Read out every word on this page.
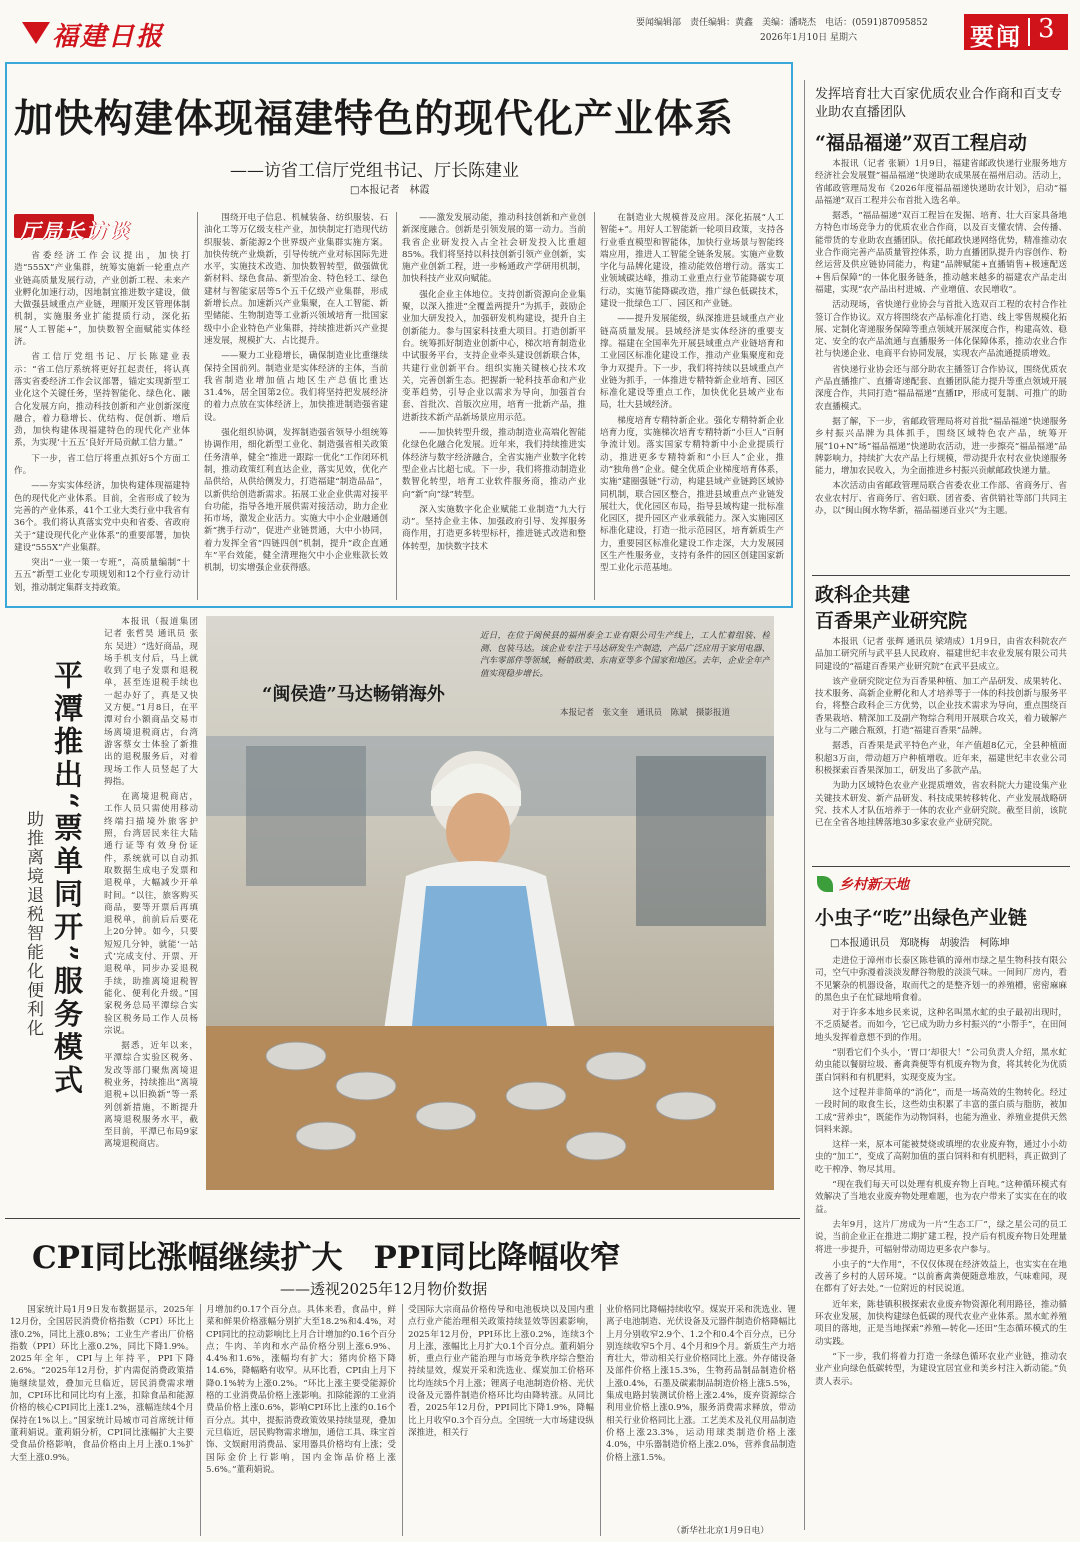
福建日报	要闻编辑部　责任编辑：黄鑫　美编：潘晓杰　电话：(0591)87095852
2026年1月10日 星期六	要闻 3
加快构建体现福建特色的现代化产业体系
——访省工信厅党组书记、厅长陈建业
□本报记者　林霞
厅局长访谈

省委经济工作会议提出，加快打造“555X”产业集群，统筹实施新一轮重点产业链高质量发展行动，产业创新工程、未来产业孵化加速行动，因地制宜推进数字建设，做大做强县域重点产业链，理顺开发区管理体制机制，实施服务业扩能提质行动，深化拓展“人工智能+”，加快数智全面赋能实体经济。

省工信厅党组书记、厅长陈建业表示：“省工信厅系统将更好扛起责任，将认真落实省委经济工作会议部署，锚定实现新型工业化这个关键任务，坚持智能化、绿色化、融合化发展方向，推动科技创新和产业创新深度融合，着力稳增长、优结构、促创新、增后劲，加快构建体现福建特色的现代化产业体系，为实现‘十五五’良好开局贡献工信力量。”

下一步，省工信厅将重点抓好5个方面工作。

——夯实实体经济，加快构建体现福建特色的现代化产业体系。目前，全省形成了较为完善的产业体系，41个工业大类行业中我省有36个。我们将认真落实党中央和省委、省政府关于“建设现代化产业体系”的重要部署，加快建设“555X”产业集群。

突出“一业一策一专班”，高质量编制“十五五”新型工业化专项规划和12个行业行动计划，推动制定集群支持政策。

围绕开电子信息、机械装备、纺织服装、石油化工等万亿级支柱产业，加快制定打造现代纺织服装、新能源2个世界级产业集群实施方案。加快传统产业焕新，引导传统产业对标国际先进水平，实施技术改造、加快数智转型，做强做优新材料、绿色食品、新型冶金、特色轻工、绿色建材与智能家居等5个五千亿级产业集群，形成新增长点。加速新兴产业集聚，在人工智能、新型储能、生物制造等工业新兴领域培育一批国家级中小企业特色产业集群，持续推进新兴产业提速发展，规模扩大、占比提升。

——聚力工业稳增长，确保制造业比重继续保持全国前列。制造业是实体经济的主体，当前我省制造业增加值占地区生产总值比重达31.4%，居全国第2位。我们将坚持把发展经济的着力点放在实体经济上，加快推进制造强省建设。

强化组织协调，发挥制造强省领导小组统筹协调作用，细化新型工业化、制造强省相关政策任务清单，健全“推进一跟踪一优化”工作闭环机制，推动政策红利直达企业，落实见效，优化产品供给，从供给侧发力，打造福建“制造品品”，以新供给创造新需求。拓展工业企业供需对接平台功能，指导各地开展供需对接活动，助力企业拓市场，激发企业活力。实施大中小企业融通创新“携手行动”，促进产业链贯通，大中小协同，着力发挥全省“四链四创”机制，提升“政企直通车”平台效能，健全清理拖欠中小企业账款长效机制，切实增强企业获得感。

——激发发展动能，推动科技创新和产业创新深度融合。创新是引领发展的第一动力。当前我省企业研发投入占全社会研发投入比重超85%。我们将坚持以科技创新引领产业创新，实施产业创新工程，进一步畅通政产学研用机制，加快科技产业双向赋能。

强化企业主体地位。支持创新资源向企业集聚，以深入推进“全覆盖两提升”为抓手，鼓励企业加大研发投入，加强研发机构建设，提升自主创新能力。参与国家科技重大项目。打造创新平台。统筹抓好制造业创新中心，梯次培育制造业中试服务平台，支持企业牵头建设创新联合体，共建行业创新平台。组织实施关键核心技术攻关，完善创新生态。把握新一轮科技革命和产业变革趋势，引导企业以需求为导向，加强首台套、首批次、首版次应用，培育一批新产品，推进新技术新产品新场景应用示范。

——加快转型升级，推动制造业高端化智能化绿色化融合化发展。近年来，我们持续推进实体经济与数字经济融合，全省实施产业数字化转型企业占比超七成。下一步，我们将推动制造业数智化转型，培育工业软件服务商，推动产业向“新”向“绿”转型。

深入实施数字化企业赋能工业制造“九大行动”。坚持企业主体、加强政府引导、发挥服务商作用，打造更多转型标杆，推进链式改造和整体转型，加快数字技术

在制造业大规模普及应用。深化拓展“人工智能+”。用好人工智能新一轮项目政策，支持各行业垂直模型和智能体，加快行业场景与智能终端应用，推进人工智能全链条发展。实施产业数字化与品牌化建设，推动能效倍增行动。落实工业领域碳达峰，推动工业重点行业节能降碳专项行动，实施节能降碳改造，推广绿色低碳技术，建设一批绿色工厂、园区和产业链。

——提升发展能级，纵深推进县域重点产业链高质量发展。县域经济是实体经济的重要支撑。福建在全国率先开展县域重点产业链培育和工业园区标准化建设工作，推动产业集聚度和竞争力双提升。下一步，我们将持续以县域重点产业链为抓手，一体推进专精特新企业培育、园区标准化建设等重点工作，加快优化县域产业布局，壮大县域经济。

梯度培育专精特新企业。强化专精特新企业培育力度，实施梯次培育专精特新“小巨人”百舸争流计划。落实国家专精特新中小企业提质行动，推进更多专精特新和“小巨人”企业，推动“独角兽”企业。健全优质企业梯度培育体系，实施“建圈强链”行动，构建县域产业链跨区域协同机制，联合园区整合，推进县域重点产业链发展壮大，优化园区布局，指导县域构建一批标准化园区，提升园区产业承载能力。深入实施园区标准化建设，打造一批示范园区，培育新质生产力，重要园区标准化建设工作走深，大力发展园区生产性服务业，支持有条件的园区创建国家新型工业化示范基地。

发挥培育壮大百家优质农业合作商和百支专业助农直播团队
“福品福递”双百工程启动

本报讯（记者 张颖）1月9日，福建省邮政快递行业服务地方经济社会发展暨“福品福递”快递助农成果展在福州启动。活动上，省邮政管理局发布《2026年度福品福递快递助农计划》，启动“福品福递”双百工程并公布首批入选名单。

据悉，“福品福递”双百工程旨在发掘、培育、壮大百家具备地方特色市场竞争力的优质农业合作商，以及百支懂农情、会传播、能带货的专业助农直播团队。依托邮政快递网络优势，精准推动农业合作商完善产品质量管控体系，助力直播团队提升内容创作、粉丝运营及供应链协同能力，构建“品牌赋能+直播销售+极速配送+售后保障”的一体化服务链条，推动越来越多的福建农产品走出福建，实现“农产品出村进城、产业增值、农民增收”。

活动现场，省快递行业协会与首批入选双百工程的农村合作社签订合作协议。双方将围绕农产品标准化打造、线上零售规模化拓展、定制化寄递服务保障等重点领域开展深度合作，构建高效、稳定、安全的农产品流通与直播服务一体化保障体系，推动农业合作社与快递企业、电商平台协同发展，实现农产品流通提质增效。

省快递行业协会还与部分助农主播签订合作协议，围绕优质农产品直播推广、直播寄递配套、直播团队能力提升等重点领域开展深度合作，共同打造“福品福递”直播IP，形成可复制、可推广的助农直播模式。

据了解，下一步，省邮政管理局将对首批“福品福递”快递服务乡村振兴品牌为具体抓手，围绕区域特色农产品，统筹开展“10+N”场“福品福递”快递助农活动，进一步擦亮“福品福递”品牌影响力，持续扩大农产品上行规模，带动提升农村农业快递服务能力，增加农民收入，为全面推进乡村振兴贡献邮政快递力量。

本次活动由省邮政管理局联合省委农业工作部、省商务厅、省农业农村厅、省商务厅、省妇联、团省委、省供销社等部门共同主办，以“闽山闽水物华新，福品福递百业兴”为主题。

政科企共建
百香果产业研究院

本报讯（记者 张辉 通讯员 梁靖成）1月9日，由省农科院农产品加工研究所与武平县人民政府、福建世纪丰农业发展有限公司共同建设的“福建百香果产业研究院”在武平县成立。

该产业研究院定位为百香果种植、加工产品研发、成果转化、技术服务、高新企业孵化和人才培养等于一体的科技创新与服务平台，将整合政科企三方优势，以企业技术需求为导向，重点围绕百香果栽培、精深加工及副产物综合利用开展联合攻关，着力破解产业与二产融合瓶颈，打造“福建百香果”品牌。

据悉，百香果是武平特色产业，年产值超8亿元，全县种植面积超3万亩，带动超万户种植增收。近年来，福建世纪丰农业公司积极探索百香果深加工，研发出了多款产品。

为助力区域特色农业产业提质增效，省农科院大力建设集产业关键技术研发、新产品研发、科技成果转移转化、产业发展战略研究、技术人才队伍培养于一体的农业产业研究院。截至目前，该院已在全省各地挂牌落地30多家农业产业研究院。

乡村新天地
小虫子“吃”出绿色产业链
□本报通讯员　郑晓梅　胡骏浩　柯陈坤

走进位于漳州市长泰区陈巷镇的漳州市绿之星生物科技有限公司，空气中弥漫着淡淡发酵谷物般的淡淡气味。一间间厂房内，看不见繁杂的机器设备，取而代之的是整齐划一的养殖槽，密密麻麻的黑色虫子在忙碌地啃食着。

对于许多本地乡民来说，这种名叫黑水虻的虫子最初出现时，不乏质疑者。而如今，它已成为助力乡村振兴的“小帮手”，在田间地头发挥着意想不到的作用。

“别看它们个头小，‘胃口’却很大！”公司负责人介绍，黑水虻幼虫能以餐厨垃圾、畜禽粪便等有机废弃物为食，将其转化为优质蛋白饲料和有机肥料，实现变废为宝。

这个过程并非简单的“消化”，而是一场高效的生物转化。经过一段时间的取食生长，这些幼虫积累了丰富的蛋白质与脂肪，被加工成“营养虫”，既能作为动物饲料，也能为渔业、养殖业提供天然饲料来源。

这样一来，原本可能被焚烧或填埋的农业废弃物，通过小小幼虫的“加工”，变成了高附加值的蛋白饲料和有机肥料，真正做到了吃干榨净、物尽其用。

“现在我们每天可以处理有机废弃物上百吨。”这种循环模式有效解决了当地农业废弃物处理难题，也为农户带来了实实在在的收益。

去年9月，这片厂房成为一片“生态工厂”，绿之星公司的员工说，当前企业正在推进二期扩建工程，投产后有机废弃物日处理量将进一步提升，可辐射带动周边更多农户参与。

小虫子的“大作用”，不仅仅体现在经济效益上，也实实在在地改善了乡村的人居环境。“以前畜禽粪便随意堆放，气味难闻，现在都有了好去处。”一位附近的村民说道。

近年来，陈巷镇积极探索农业废弃物资源化利用路径，推动循环农业发展，加快构建绿色低碳的现代农业产业体系。黑水虻养殖项目的落地，正是当地探索“养殖—转化—还田”生态循环模式的生动实践。

“下一步，我们将着力打造一条绿色循环农业产业链，推动农业产业向绿色低碳转型，为建设宜居宜业和美乡村注入新动能。”负责人表示。

平潭推出“票单同开”服务模式
助推离境退税智能化便利化

本报讯（报道集团记者 张哲昊 通讯员 张东 吴进）“选好商品，现场手机支付后，马上就收到了电子发票和退税单，甚至连退税手续也一起办好了，真是又快又方便。”1月8日，在平潭对台小额商品交易市场离境退税商店，台湾游客蔡女士体验了新推出的退税服务后，对着现场工作人员竖起了大拇指。

在离境退税商店，工作人员只需使用移动终端扫描境外旅客护照，台湾居民来往大陆通行证等有效身份证件，系统就可以自动抓取数据生成电子发票和退税单，大幅减少开单时间。“以往，旅客购买商品，要等开票后再填退税单，前前后后要花上20分钟。如今，只要短短几分钟，就能‘一站式’完成支付、开票、开退税单，同步办妥退税手续，助推离境退税智能化、便利化升级。”国家税务总局平潭综合实验区税务局工作人员杨宗说。

据悉，近年以来，平潭综合实验区税务、发改等部门聚焦离境退税业务，持续推出“离境退税+以旧换新”等一系列创新措施，不断提升离境退税服务水平，截至目前，平潭已布局9家离境退税商店。

“闽侯造”马达畅销海外
近日，在位于闽侯县的福州泰全工业有限公司生产线上，工人忙着组装、检测、包装马达。该企业专注于马达研发生产制造，产品广泛应用于家用电器、汽车零部件等领域，畅销欧美、东南亚等多个国家和地区。去年，企业全年产值实现稳步增长。
本报记者　张文奎　通讯员　陈斌　摄影报道
CPI同比涨幅继续扩大　PPI同比降幅收窄
——透视2025年12月物价数据
国家统计局1月9日发布数据显示，2025年12月份，全国居民消费价格指数（CPI）环比上涨0.2%，同比上涨0.8%；工业生产者出厂价格指数（PPI）环比上涨0.2%，同比下降1.9%。2025年全年，CPI与上年持平，PPI下降2.6%。“2025年12月份，扩内需促消费政策措施继续显效，叠加元旦临近，居民消费需求增加，CPI环比和同比均有上涨，扣除食品和能源价格的核心CPI同比上涨1.2%，涨幅连续4个月保持在1%以上。”国家统计局城市司首席统计师董莉娟说。董莉娟分析，CPI同比涨幅扩大主要受食品价格影响，食品价格由上月上涨0.1%扩大至上涨0.9%。
月增加约0.17个百分点。具体来看，食品中，鲜菜和鲜果价格涨幅分别扩大至18.2%和4.4%，对CPI同比的拉动影响比上月合计增加约0.16个百分点；牛肉、羊肉和水产品价格分别上涨6.9%、4.4%和1.6%，涨幅均有扩大；猪肉价格下降14.6%，降幅略有收窄。从环比看，CPI由上月下降0.1%转为上涨0.2%。“环比上涨主要受能源价格的工业消费品价格上涨影响。扣除能源的工业消费品价格上涨0.6%，影响CPI环比上涨约0.16个百分点。其中，提振消费政策效果持续显现，叠加元旦临近，居民购物需求增加，通信工具、珠宝首饰、文娱耐用消费品、家用器具价格均有上涨；受国际金价上行影响，国内金饰品价格上涨5.6%。”董莉娟说。
受国际大宗商品价格传导和电池板块以及国内重点行业产能治理相关政策持续显效等因素影响，2025年12月份，PPI环比上涨0.2%，连续3个月上涨，涨幅比上月扩大0.1个百分点。董莉娟分析，重点行业产能治理与市场竞争秩序综合整治持续显效，煤炭开采和洗选业、煤炭加工价格环比均连续5个月上涨；锂离子电池制造价格、光伏设备及元器件制造价格环比均由降转涨。从同比看，2025年12月份，PPI同比下降1.9%，降幅比上月收窄0.3个百分点。全国统一大市场建设纵深推进，相关行
业价格同比降幅持续收窄。煤炭开采和洗选业、锂离子电池制造、光伏设备及元器件制造价格降幅比上月分别收窄2.9个、1.2个和0.4个百分点，已分别连续收窄5个月、4个月和9个月。新质生产力培育壮大，带动相关行业价格同比上涨。外存储设备及部件价格上涨15.3%，生物药品制品制造价格上涨0.4%，石墨及碳素制品制造价格上涨5.5%，集成电路封装测试价格上涨2.4%，废弃资源综合利用业价格上涨0.9%，服务消费需求释放，带动相关行业价格同比上涨。工艺美术及礼仪用品制造价格上涨23.3%，运动用球类制造价格上涨4.0%，中乐器制造价格上涨2.0%，营养食品制造价格上涨1.5%。
（新华社北京1月9日电）
